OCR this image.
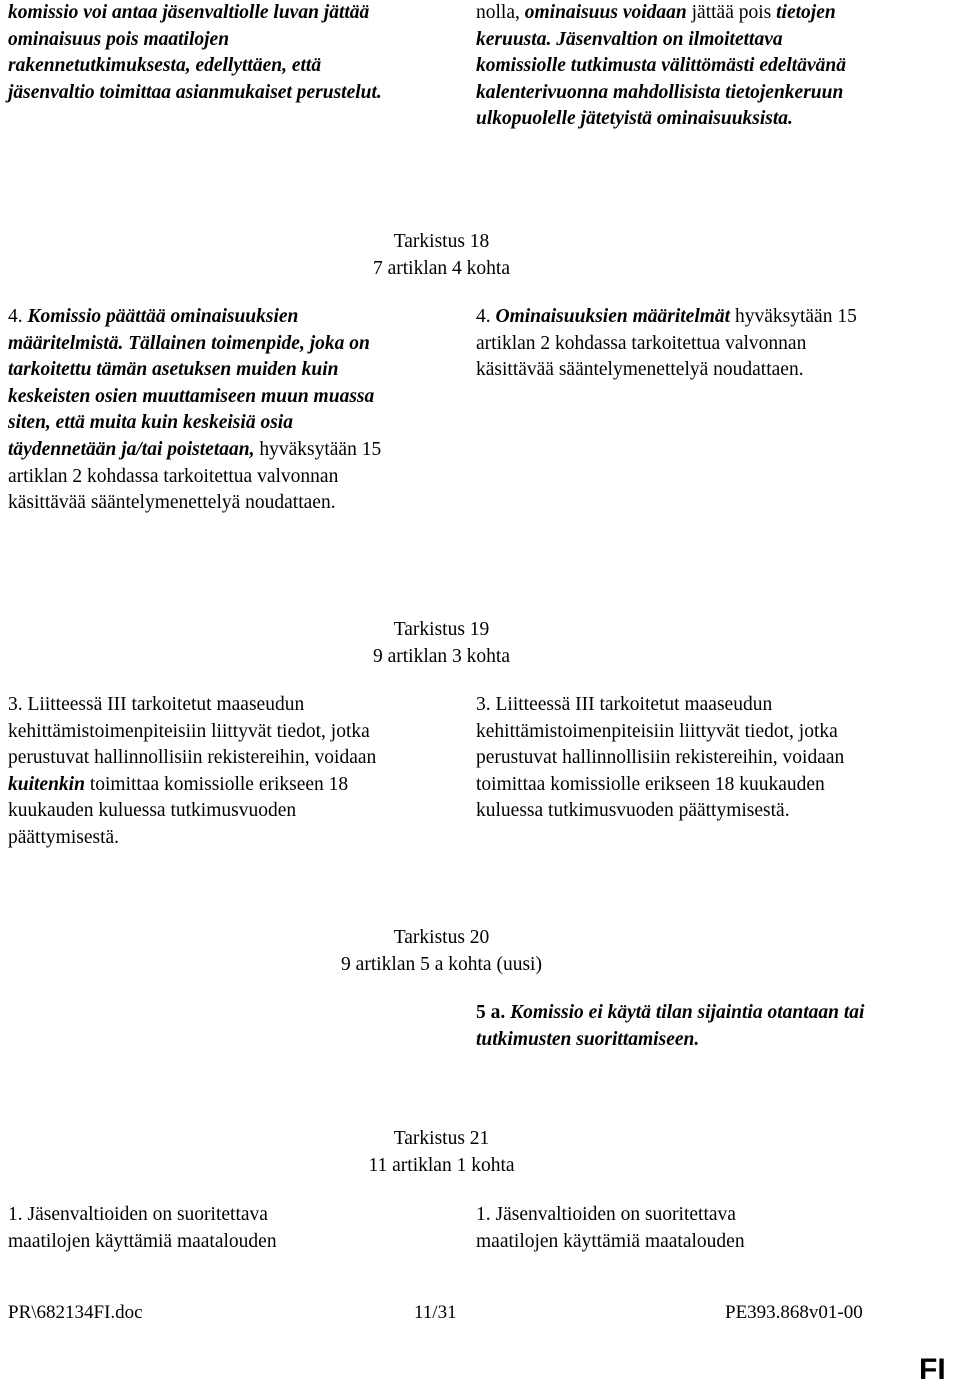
komissio voi antaa jäsenvaltiolle luvan jättää ominaisuus pois maatilojen rakennetutkimuksesta, edellyttäen, että jäsenvaltio toimittaa asianmukaiset perustelut.

nolla, ominaisuus voidaan jättää pois tietojen keruusta. Jäsenvaltion on ilmoitettava komissiolle tutkimusta välittömästi edeltävänä kalenterivuonna mahdollisista tietojenkeruun ulkopuolelle jätetyistä ominaisuuksista.

Tarkistus 18
7 artiklan 4 kohta

4. Komissio päättää ominaisuuksien määritelmistä. Tällainen toimenpide, joka on tarkoitettu tämän asetuksen muiden kuin keskeisten osien muuttamiseen muun muassa siten, että muita kuin keskeisiä osia täydennetään ja/tai poistetaan, hyväksytään 15 artiklan 2 kohdassa tarkoitettua valvonnan käsittävää sääntelymenettelyä noudattaen.

4. Ominaisuuksien määritelmät hyväksytään 15 artiklan 2 kohdassa tarkoitettua valvonnan käsittävää sääntelymenettelyä noudattaen.

Tarkistus 19
9 artiklan 3 kohta

3. Liitteessä III tarkoitetut maaseudun kehittämistoimenpiteisiin liittyvät tiedot, jotka perustuvat hallinnollisiin rekistereihin, voidaan kuitenkin toimittaa komissiolle erikseen 18 kuukauden kuluessa tutkimusvuoden päättymisestä.

3. Liitteessä III tarkoitetut maaseudun kehittämistoimenpiteisiin liittyvät tiedot, jotka perustuvat hallinnollisiin rekistereihin, voidaan toimittaa komissiolle erikseen 18 kuukauden kuluessa tutkimusvuoden päättymisestä.

Tarkistus 20
9 artiklan 5 a kohta (uusi)

5 a. Komissio ei käytä tilan sijaintia otantaan tai tutkimusten suorittamiseen.

Tarkistus 21
11 artiklan 1 kohta

1. Jäsenvaltioiden on suoritettava maatilojen käyttämiä maatalouden

1. Jäsenvaltioiden on suoritettava maatilojen käyttämiä maatalouden

PR\682134FI.doc	11/31	PE393.868v01-00
FI
